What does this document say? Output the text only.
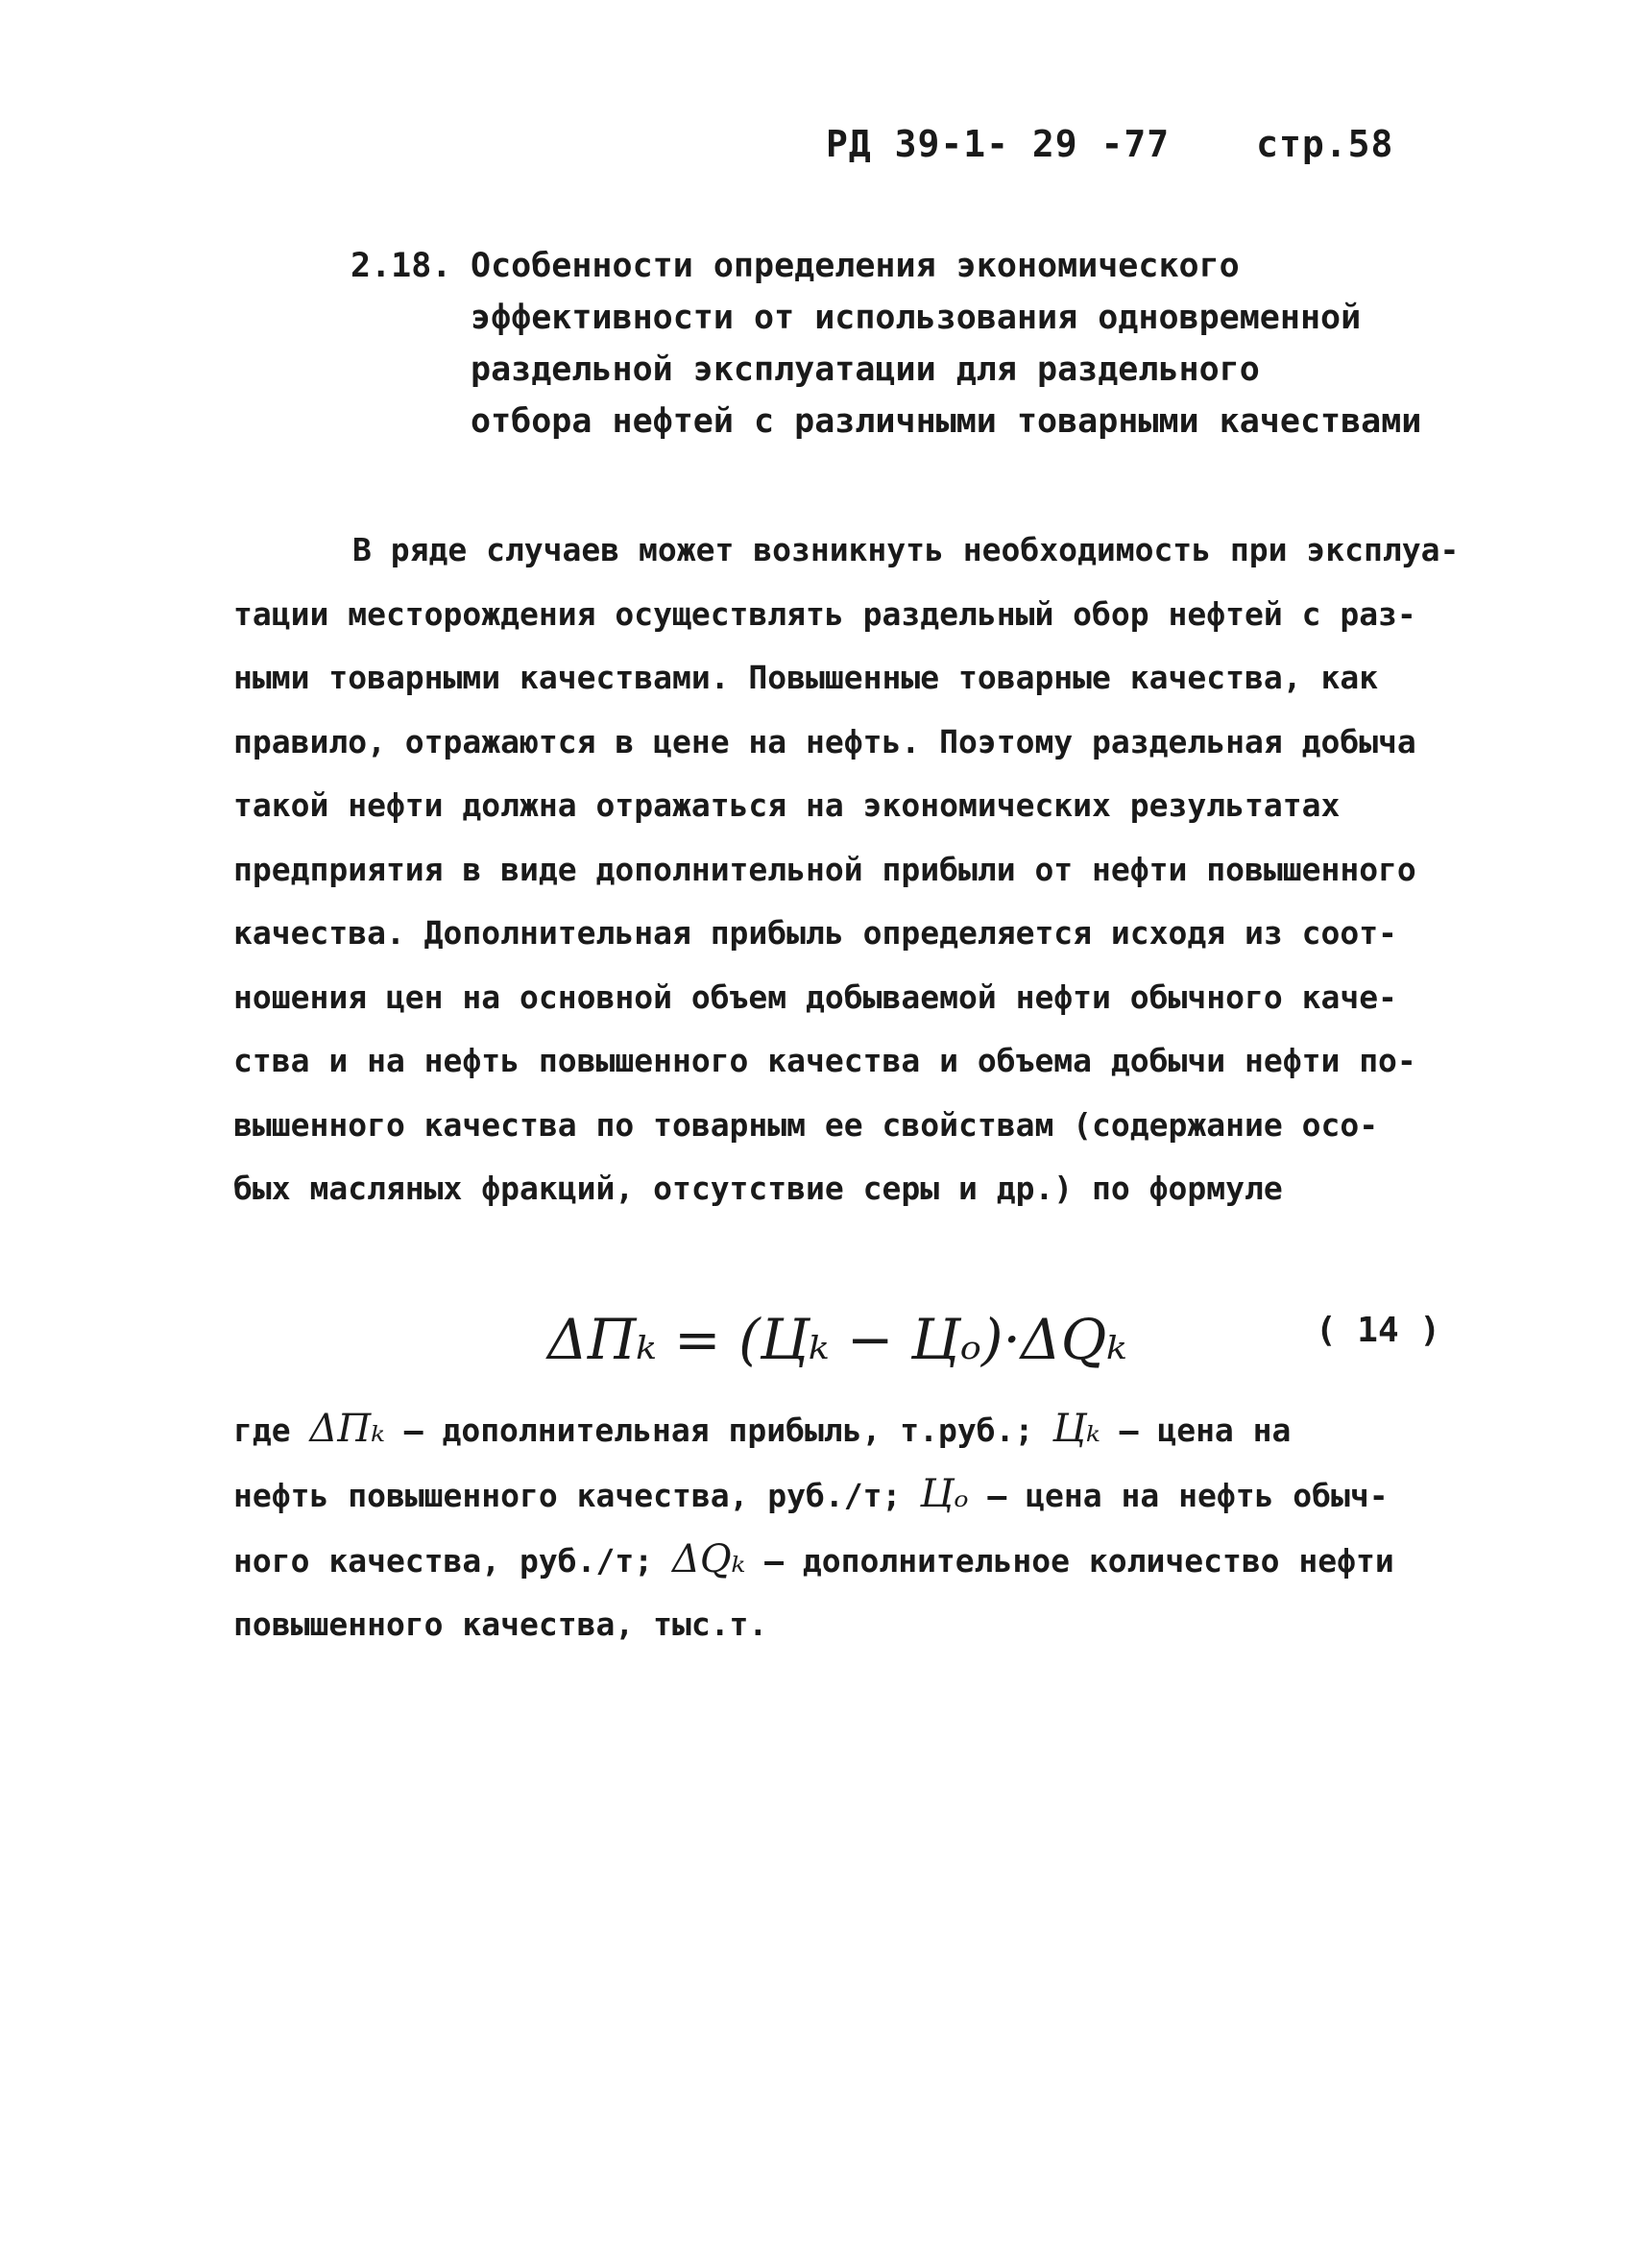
РД 39-1- 29 -77 стр.58
2.18. Особенности определения экономического
эффективности от использования одновременной
раздельной эксплуатации для раздельного
отбора нефтей с различными товарными качествами
В ряде случаев может возникнуть необходимость при эксплуа-
тации месторождения осуществлять раздельный обор нефтей с раз-
ными товарными качествами. Повышенные товарные качества, как
правило, отражаются в цене на нефть. Поэтому раздельная добыча
такой нефти должна отражаться на экономических результатах
предприятия в виде дополнительной прибыли от нефти повышенного
качества. Дополнительная прибыль определяется исходя из соот-
ношения цен на основной объем добываемой нефти обычного каче-
ства и на нефть повышенного качества и объема добычи нефти по-
вышенного качества по товарным ее свойствам (содержание осо-
бых масляных фракций, отсутствие серы и др.) по формуле
ΔПₖ = (Цₖ − Цₒ)·ΔQₖ	( 14 )
где ΔПₖ – дополнительная прибыль, т.руб.; Цₖ – цена на
нефть повышенного качества, руб./т; Цₒ – цена на нефть обыч-
ного качества, руб./т; ΔQₖ – дополнительное количество нефти
повышенного качества, тыс.т.
